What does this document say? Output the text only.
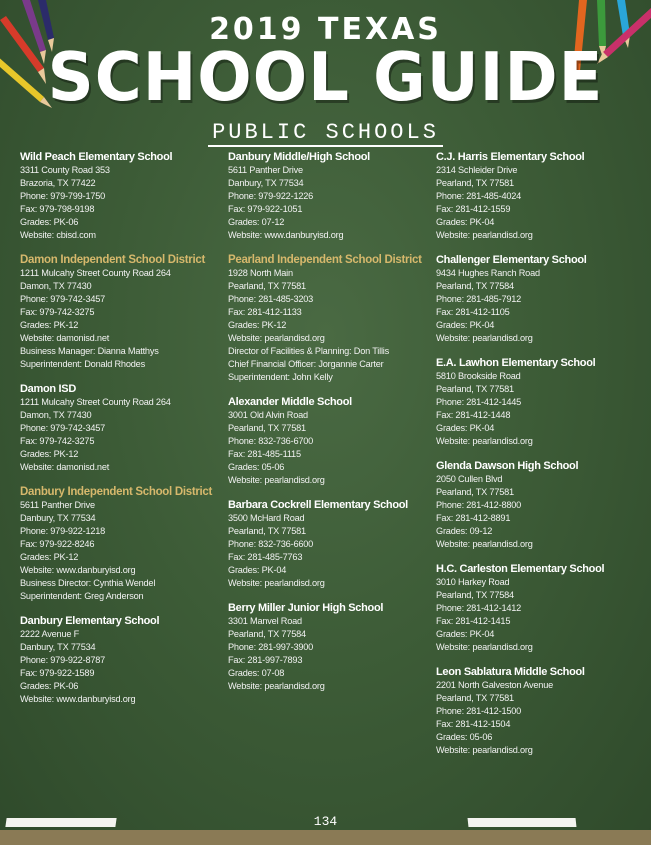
2019 TEXAS
SCHOOL GUIDE
PUBLIC SCHOOLS
Wild Peach Elementary School
3311 County Road 353
Brazoria, TX 77422
Phone: 979-799-1750
Fax: 979-798-9198
Grades: PK-06
Website: cbisd.com
Damon Independent School District
1211 Mulcahy Street County Road 264
Damon, TX 77430
Phone: 979-742-3457
Fax: 979-742-3275
Grades: PK-12
Website: damonisd.net
Business Manager: Dianna Matthys
Superintendent: Donald Rhodes
Damon ISD
1211 Mulcahy Street County Road 264
Damon, TX 77430
Phone: 979-742-3457
Fax: 979-742-3275
Grades: PK-12
Website: damonisd.net
Danbury Independent School District
5611 Panther Drive
Danbury, TX 77534
Phone: 979-922-1218
Fax: 979-922-8246
Grades: PK-12
Website: www.danburyisd.org
Business Director: Cynthia Wendel
Superintendent: Greg Anderson
Danbury Elementary School
2222 Avenue F
Danbury, TX 77534
Phone: 979-922-8787
Fax: 979-922-1589
Grades: PK-06
Website: www.danburyisd.org
Danbury Middle/High School
5611 Panther Drive
Danbury, TX 77534
Phone: 979-922-1226
Fax: 979-922-1051
Grades: 07-12
Website: www.danburyisd.org
Pearland Independent School District
1928 North Main
Pearland, TX 77581
Phone: 281-485-3203
Fax: 281-412-1133
Grades: PK-12
Website: pearlandisd.org
Director of Facilities & Planning: Don Tillis
Chief Financial Officer: Jorgannie Carter
Superintendent: John Kelly
Alexander Middle School
3001 Old Alvin Road
Pearland, TX 77581
Phone: 832-736-6700
Fax: 281-485-1115
Grades: 05-06
Website: pearlandisd.org
Barbara Cockrell Elementary School
3500 McHard Road
Pearland, TX 77581
Phone: 832-736-6600
Fax: 281-485-7763
Grades: PK-04
Website: pearlandisd.org
Berry Miller Junior High School
3301 Manvel Road
Pearland, TX 77584
Phone: 281-997-3900
Fax: 281-997-7893
Grades: 07-08
Website: pearlandisd.org
C.J. Harris Elementary School
2314 Schleider Drive
Pearland, TX 77581
Phone: 281-485-4024
Fax: 281-412-1559
Grades: PK-04
Website: pearlandisd.org
Challenger Elementary School
9434 Hughes Ranch Road
Pearland, TX 77584
Phone: 281-485-7912
Fax: 281-412-1105
Grades: PK-04
Website: pearlandisd.org
E.A. Lawhon Elementary School
5810 Brookside Road
Pearland, TX 77581
Phone: 281-412-1445
Fax: 281-412-1448
Grades: PK-04
Website: pearlandisd.org
Glenda Dawson High School
2050 Cullen Blvd
Pearland, TX 77581
Phone: 281-412-8800
Fax: 281-412-8891
Grades: 09-12
Website: pearlandisd.org
H.C. Carleston Elementary School
3010 Harkey Road
Pearland, TX 77584
Phone: 281-412-1412
Fax: 281-412-1415
Grades: PK-04
Website: pearlandisd.org
Leon Sablatura Middle School
2201 North Galveston Avenue
Pearland, TX 77581
Phone: 281-412-1500
Fax: 281-412-1504
Grades: 05-06
Website: pearlandisd.org
134
